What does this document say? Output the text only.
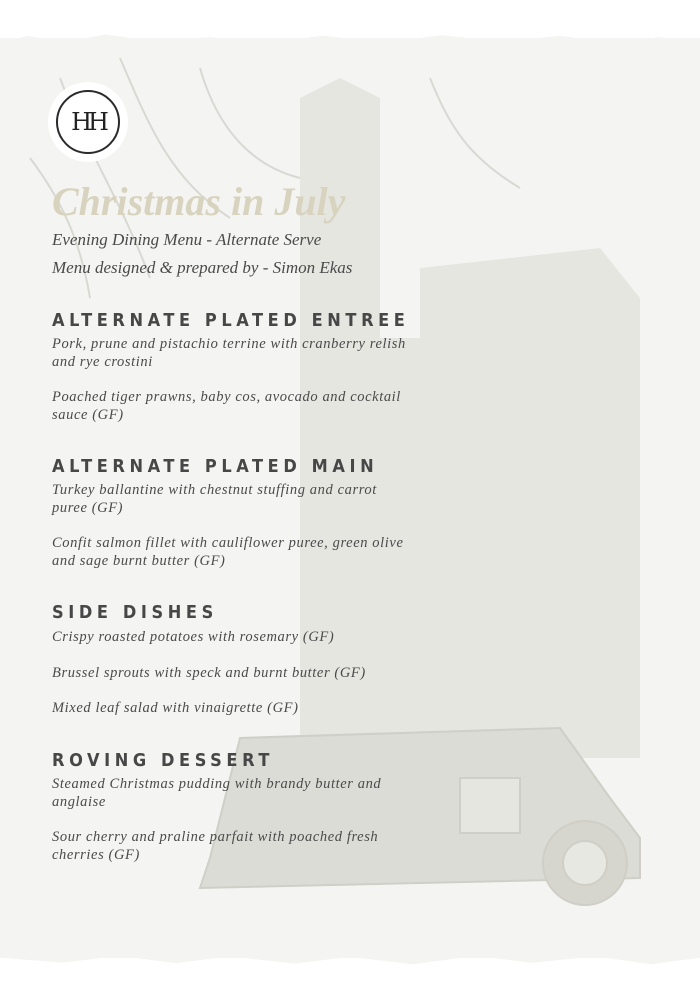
HH
Christmas in July

Evening Dining Menu - Alternate Serve

Menu designed & prepared by - Simon Ekas

ALTERNATE PLATED ENTREE

Pork, prune and pistachio terrine with cranberry relish and rye crostini

Poached tiger prawns, baby cos, avocado and cocktail sauce (GF)

ALTERNATE PLATED MAIN

Turkey ballantine with chestnut stuffing and carrot puree (GF)

Confit salmon fillet with cauliflower puree, green olive and sage burnt butter (GF)

SIDE DISHES

Crispy roasted potatoes with rosemary (GF)

Brussel sprouts with speck and burnt butter (GF)

Mixed leaf salad with vinaigrette (GF)

ROVING DESSERT

Steamed Christmas pudding with brandy butter and anglaise

Sour cherry and praline parfait with poached fresh cherries (GF)
